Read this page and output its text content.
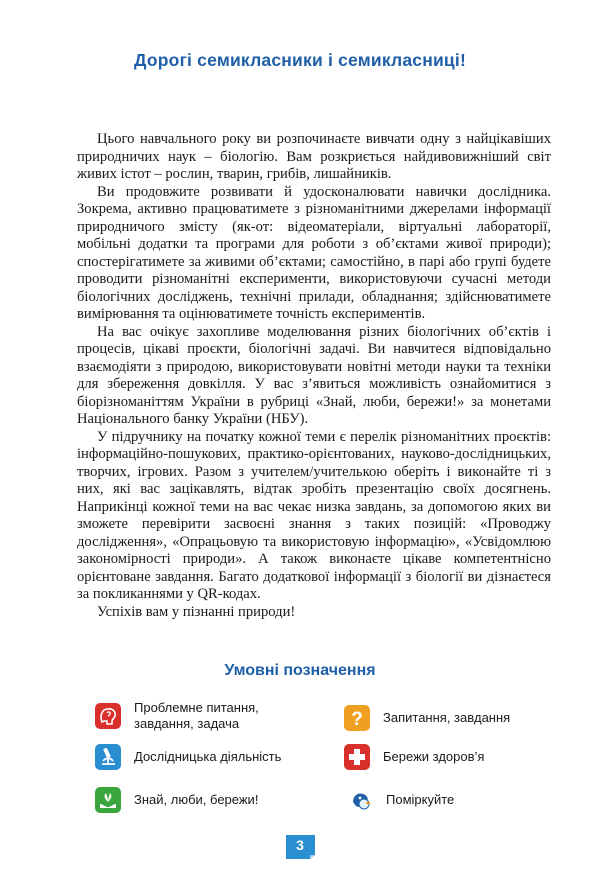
Дорогі семикласники і семикласниці!

Цього навчального року ви розпочинаєте вивчати одну з найцікавіших природничих наук – біологію. Вам розкриється найдивовижніший світ живих істот – рослин, тварин, грибів, лишайників.

Ви продовжите розвивати й удосконалювати навички дослідника. Зокрема, активно працюватимете з різноманітними джерелами інформації природничого змісту (як-от: відеоматеріали, віртуальні лабораторії, мобільні додатки та програми для роботи з об’єктами живої природи); спостерігатимете за живими об’єктами; самостійно, в парі або групі будете проводити різноманітні експерименти, використовуючи сучасні методи біологічних досліджень, технічні прилади, обладнання; здійснюватимете вимірювання та оцінюватимете точність експериментів.

На вас очікує захопливе моделювання різних біологічних об’єктів і процесів, цікаві проєкти, біологічні задачі. Ви навчитеся відповідально взаємодіяти з природою, використовувати новітні методи науки та техніки для збереження довкілля. У вас з’явиться можливість ознайомитися з біорізноманіттям України в рубриці «Знай, люби, бережи!» за монетами Національного банку України (НБУ).

У підручнику на початку кожної теми є перелік різноманітних проєктів: інформаційно-пошукових, практико-орієнтованих, науково-дослідницьких, творчих, ігрових. Разом з учителем/учителькою оберіть і виконайте ті з них, які вас зацікавлять, відтак зробіть презентацію своїх досягнень. Наприкінці кожної теми на вас чекає низка завдань, за допомогою яких ви зможете перевірити засвоєні знання з таких позицій: «Проводжу дослідження», «Опрацьовую та використовую інформацію», «Усвідомлюю закономірності природи». А також виконаєте цікаве компетентнісно орієнтоване завдання. Багато додаткової інформації з біології ви дізнаєтеся за покликаннями у QR-кодах.

Успіхів вам у пізнанні природи!

Умовні позначення
Проблемне питання, завдання, задача	? Запитання, завдання
Дослідницька діяльність	Бережи здоров’я
Знай, люби, бережи!	Поміркуйте
3
